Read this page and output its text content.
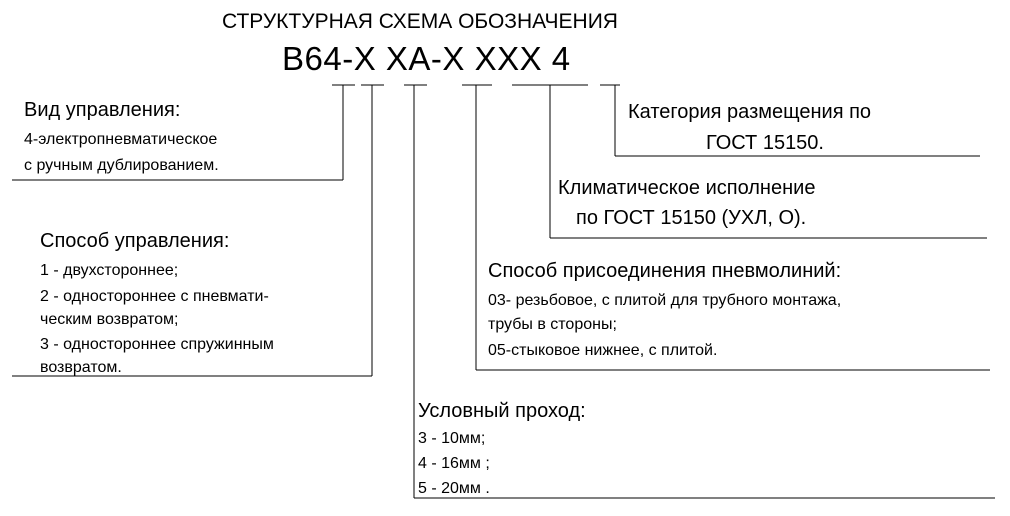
СТРУКТУРНАЯ СХЕМА ОБОЗНАЧЕНИЯ
В64-Х ХА-Х ХХХ 4
Вид управления:
4-электропневматическое
с ручным дублированием.
Способ управления:
1 - двухстороннее;
2 - одностороннее с пневмати-
ческим возвратом;
3 - одностороннее спружинным
возвратом.
Условный проход:
3 - 10мм;
4 - 16мм ;
5 - 20мм .
Способ присоединения пневмолиний:
03- резьбовое, с плитой для трубного монтажа,
трубы в стороны;
05-стыковое нижнее, с плитой.
Климатическое исполнение
по ГОСТ 15150 (УХЛ, О).
Категория размещения по
ГОСТ 15150.
